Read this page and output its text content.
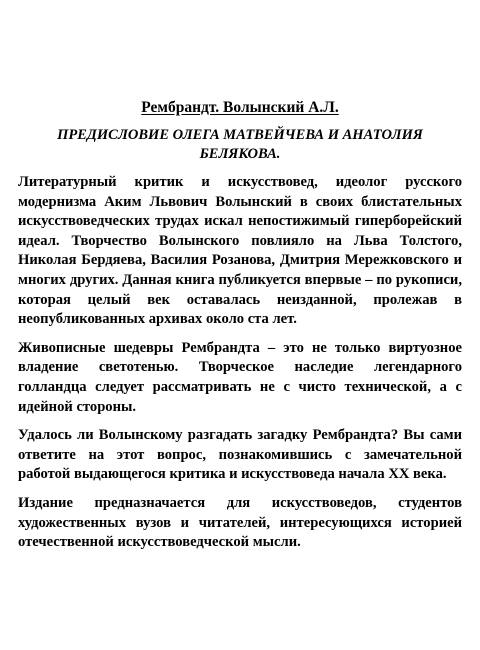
Рембрандт. Волынский А.Л.
ПРЕДИСЛОВИЕ ОЛЕГА МАТВЕЙЧЕВА И АНАТОЛИЯ БЕЛЯКОВА.

Литературный критик и искусствовед, идеолог русского модернизма Аким Львович Волынский в своих блистательных искусствоведческих трудах искал непостижимый гиперборейский идеал. Творчество Волынского повлияло на Льва Толстого, Николая Бердяева, Василия Розанова, Дмитрия Мережковского и многих других. Данная книга публикуется впервые – по рукописи, которая целый век оставалась неизданной, пролежав в неопубликованных архивах около ста лет.

Живописные шедевры Рембрандта – это не только виртуозное владение светотенью. Творческое наследие легендарного голландца следует рассматривать не с чисто технической, а с идейной стороны.

Удалось ли Волынскому разгадать загадку Рембрандта? Вы сами ответите на этот вопрос, познакомившись с замечательной работой выдающегося критика и искусствоведа начала XX века.

Издание предназначается для искусствоведов, студентов художественных вузов и читателей, интересующихся историей отечественной искусствоведческой мысли.
